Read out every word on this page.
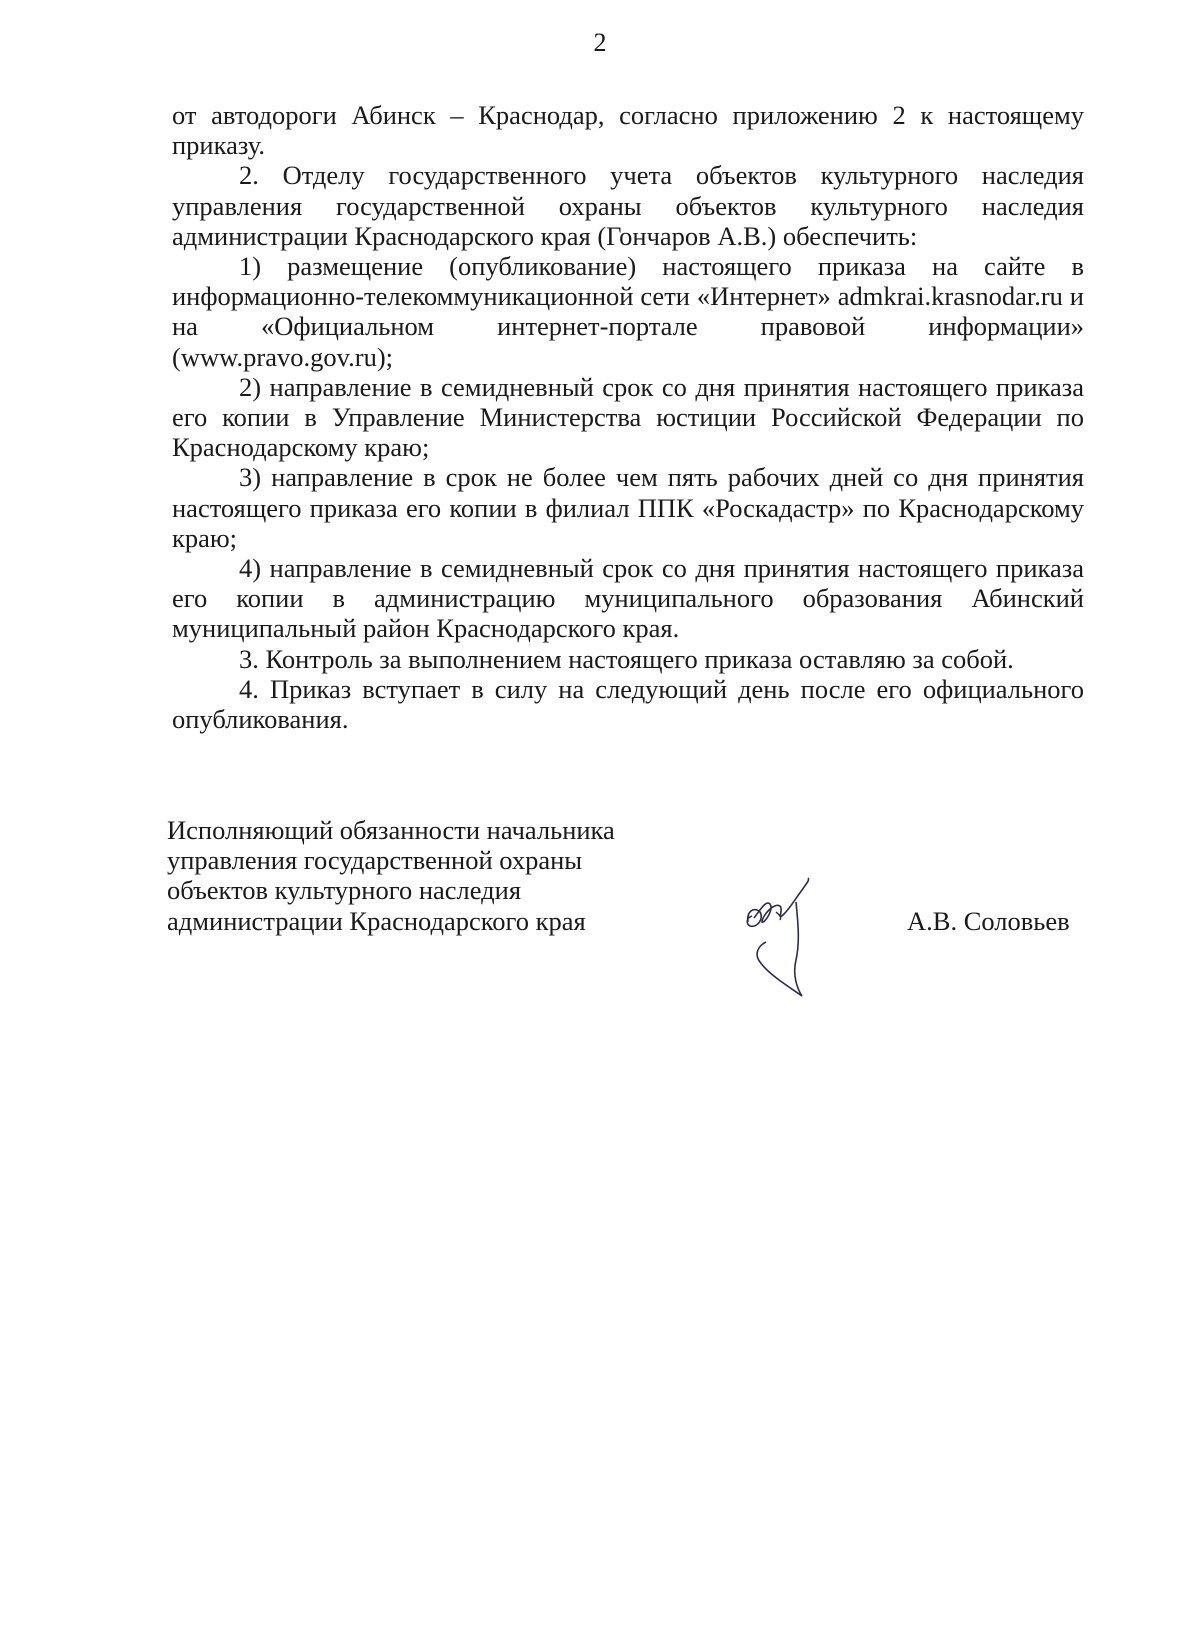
2

от автодороги Абинск – Краснодар, согласно приложению 2 к настоящему приказу.

2. Отделу государственного учета объектов культурного наследия управления государственной охраны объектов культурного наследия администрации Краснодарского края (Гончаров А.В.) обеспечить:

1) размещение (опубликование) настоящего приказа на сайте в информационно-телекоммуникационной сети «Интернет» admkrai.krasnodar.ru и на «Официальном интернет-портале правовой информации» (www.pravo.gov.ru);

2) направление в семидневный срок со дня принятия настоящего приказа его копии в Управление Министерства юстиции Российской Федерации по Краснодарскому краю;

3) направление в срок не более чем пять рабочих дней со дня принятия настоящего приказа его копии в филиал ППК «Роскадастр» по Краснодарскому краю;

4) направление в семидневный срок со дня принятия настоящего приказа его копии в администрацию муниципального образования Абинский муниципальный район Краснодарского края.

3. Контроль за выполнением настоящего приказа оставляю за собой.

4. Приказ вступает в силу на следующий день после его официального опубликования.

Исполняющий обязанности начальника
управления государственной охраны
объектов культурного наследия
администрации Краснодарского края	А.В. Соловьев
